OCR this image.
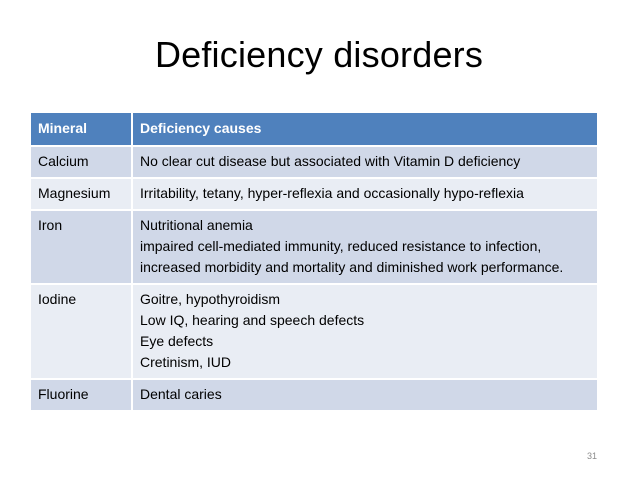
Deficiency disorders
Mineral	Deficiency causes
Calcium	No clear cut disease but associated with Vitamin D deficiency

Magnesium	Irritability, tetany, hyper-reflexia and occasionally hypo-reflexia

Iron	Nutritional anemia
impaired cell-mediated immunity, reduced resistance to infection, increased morbidity and mortality and diminished work performance.

Iodine	Goitre, hypothyroidism
Low IQ, hearing and speech defects
Eye defects
Cretinism, IUD

Fluorine	Dental caries
31
